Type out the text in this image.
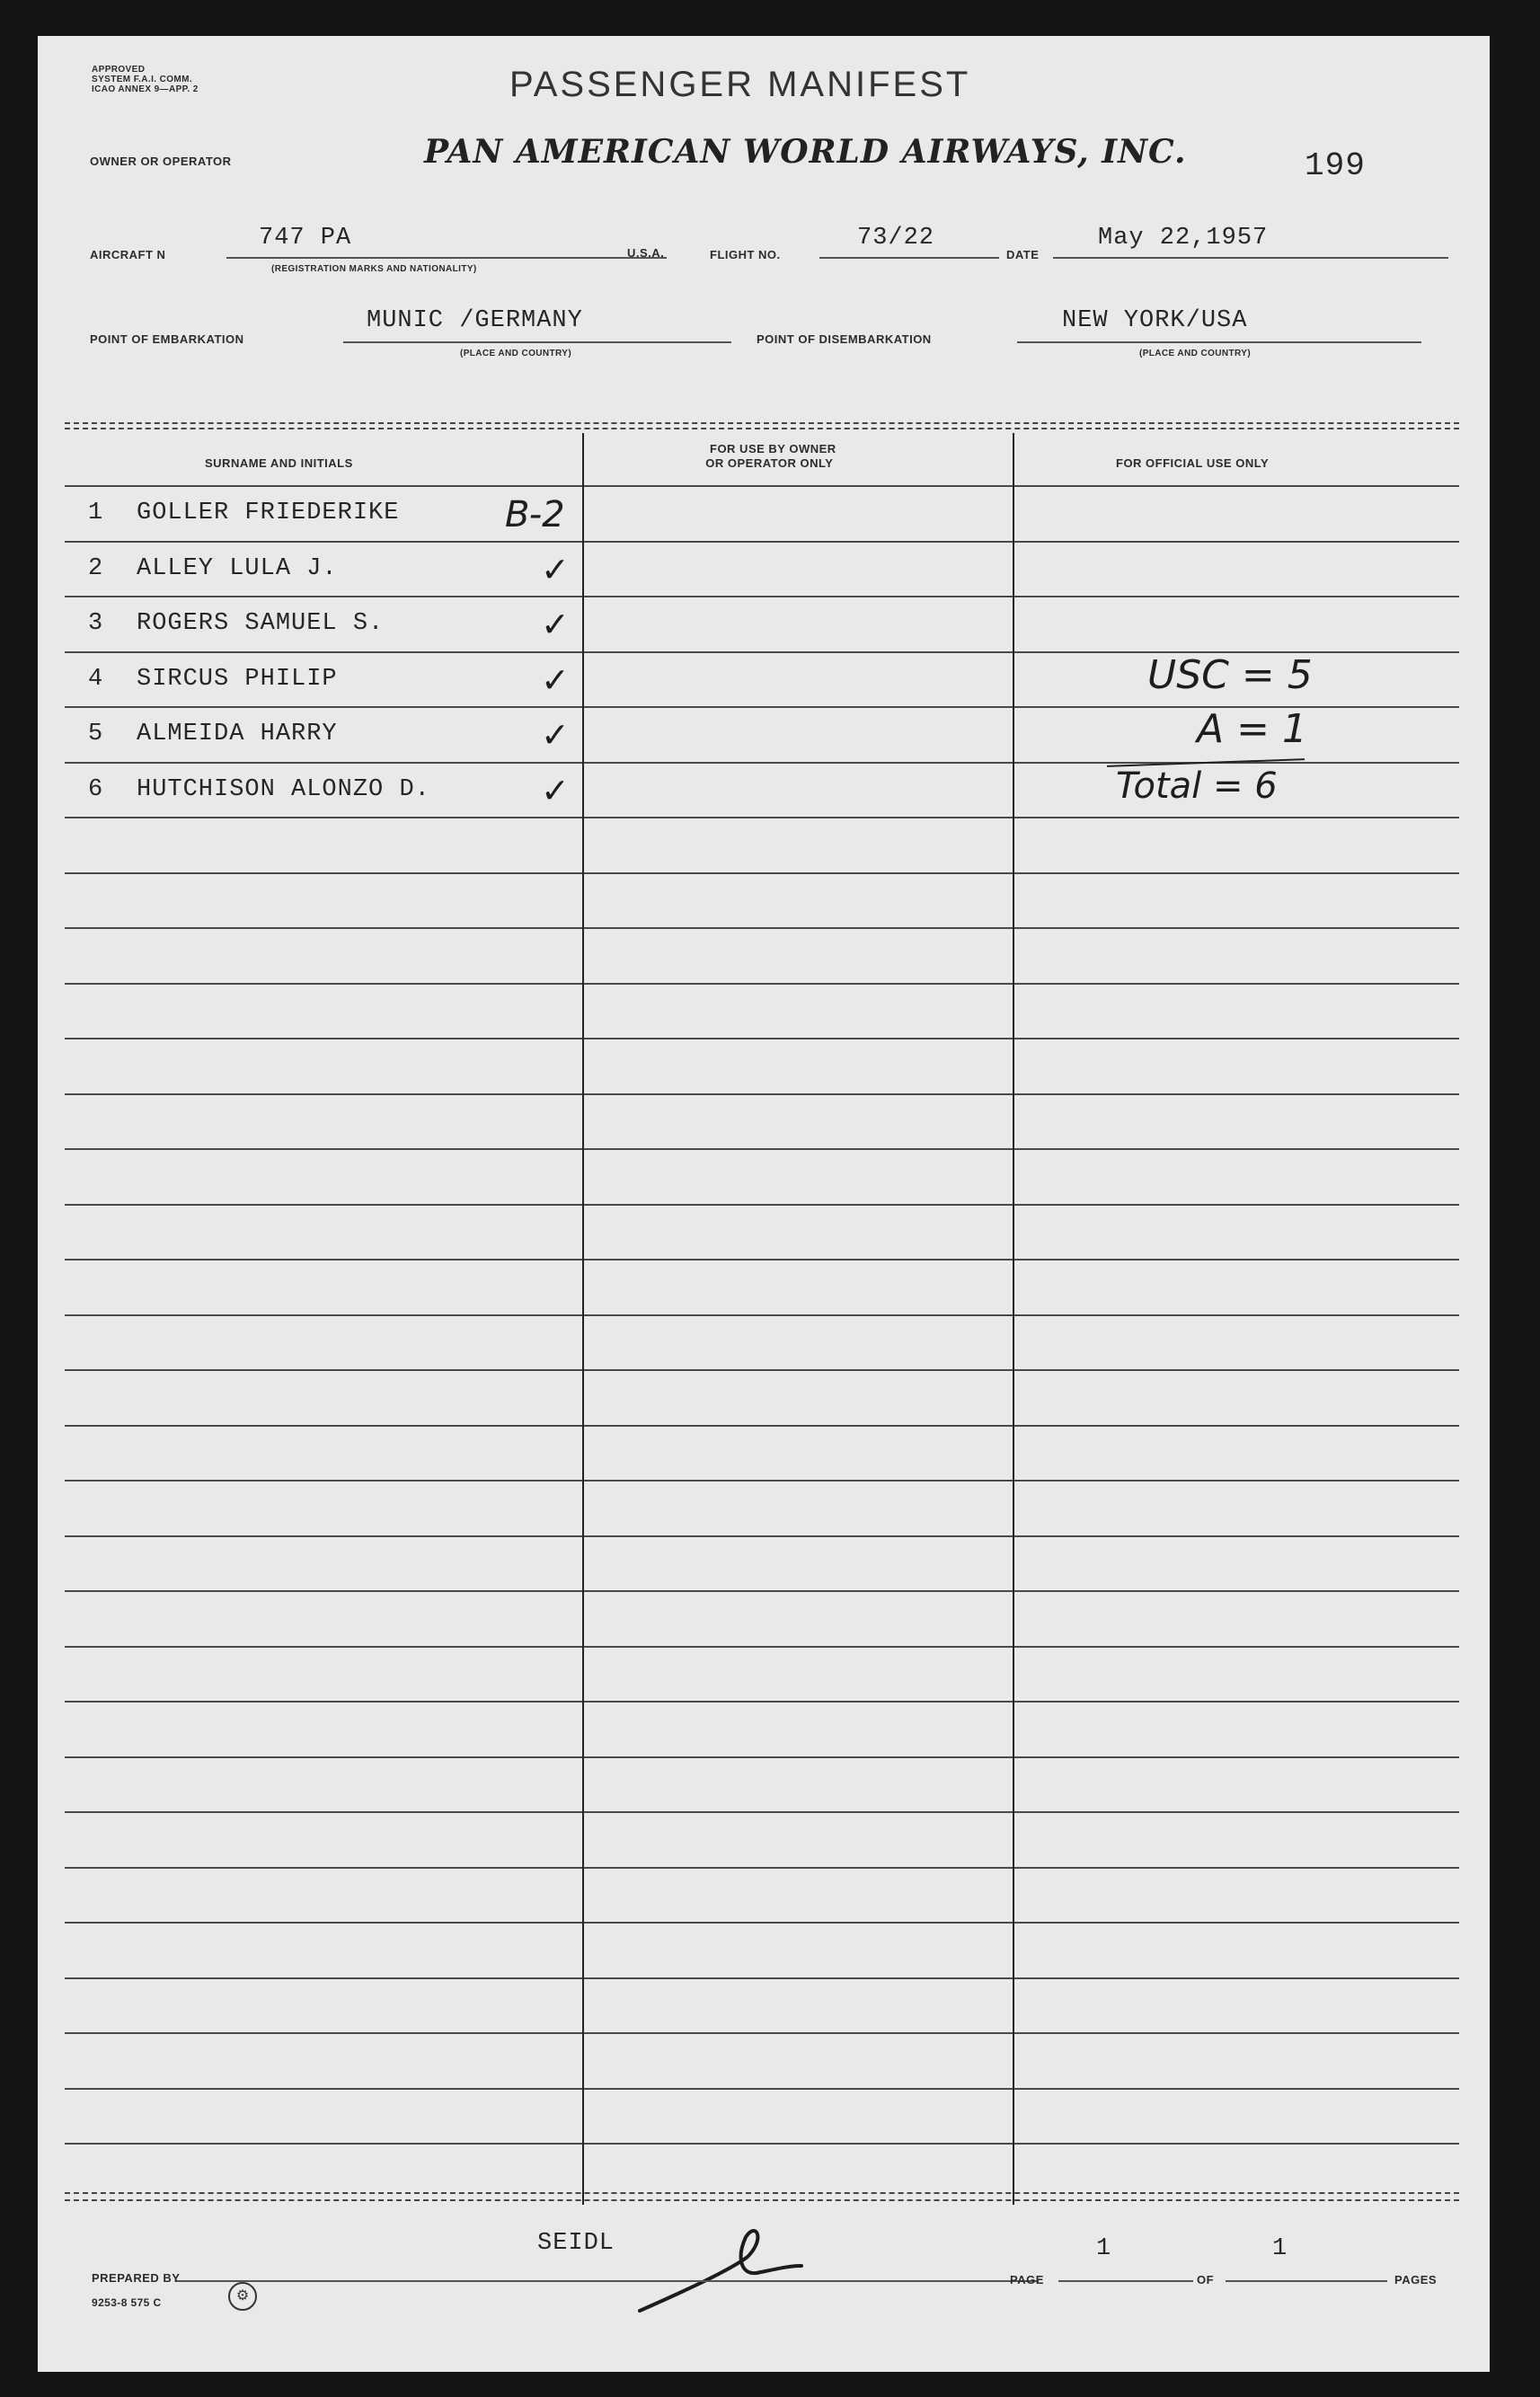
APPROVED
SYSTEM F.A.I. COMM.
ICAO ANNEX 9—APP. 2	PASSENGER MANIFEST
OWNER OR OPERATOR	PAN AMERICAN WORLD AIRWAYS, INC.	199
AIRCRAFT N
747 PA
(REGISTRATION MARKS AND NATIONALITY)
U.S.A.	FLIGHT NO.
73/22
DATE
May 22,1957
POINT OF EMBARKATION
MUNIC /GERMANY
(PLACE AND COUNTRY)
POINT OF DISEMBARKATION
NEW YORK/USA
(PLACE AND COUNTRY)
SURNAME AND INITIALS
FOR USE BY OWNER
OR OPERATOR ONLY	FOR OFFICIAL USE ONLY
1 GOLLER FRIEDERIKE	B-2
2 ALLEY LULA J.	✓
3 ROGERS SAMUEL S.	✓
4 SIRCUS PHILIP	✓
5 ALMEIDA HARRY	✓
6 HUTCHISON ALONZO D.	✓
USC = 5
A = 1
Total = 6
SEIDL
PREPARED BY
9253-8 575 C	⚙
PAGE
1
OF
1
PAGES
